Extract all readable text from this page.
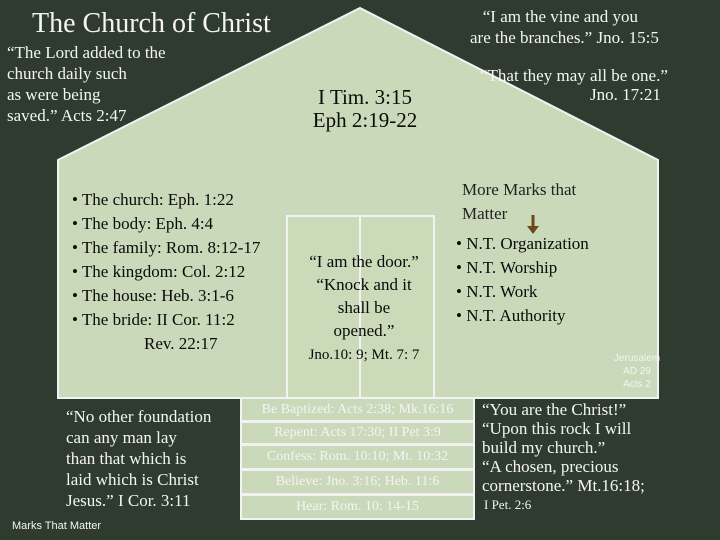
The Church of Christ
“The Lord added to the
church daily such
as were being
saved.” Acts 2:47
“I am the vine and you
are the branches.” Jno. 15:5
“That they may all be one.”
Jno. 17:21
I Tim. 3:15
Eph 2:19-22
• The church: Eph. 1:22
• The body: Eph. 4:4
• The family: Rom. 8:12-17
• The kingdom: Col. 2:12
• The house: Heb. 3:1-6
• The bride: II Cor. 11:2
Rev. 22:17
“I am the door.”
“Knock and it
shall be
opened.”
Jno.10: 9; Mt. 7: 7
More Marks that
Matter
• N.T. Organization
• N.T. Worship
• N.T. Work
• N.T. Authority
Jerusalem
AD 29
Acts 2
“No other foundation
can any man lay
than that which is
laid which is Christ
Jesus.” I Cor. 3:11
Be Baptized: Acts 2:38; Mk.16:16
Repent: Acts 17:30; II Pet 3:9
Confess: Rom. 10:10; Mt. 10:32
Believe: Jno. 3:16; Heb. 11:6
Hear: Rom. 10: 14-15
“You are the Christ!”
“Upon this rock I will
build my church.”
“A chosen, precious
cornerstone.” Mt.16:18;
I Pet. 2:6
Marks That Matter
